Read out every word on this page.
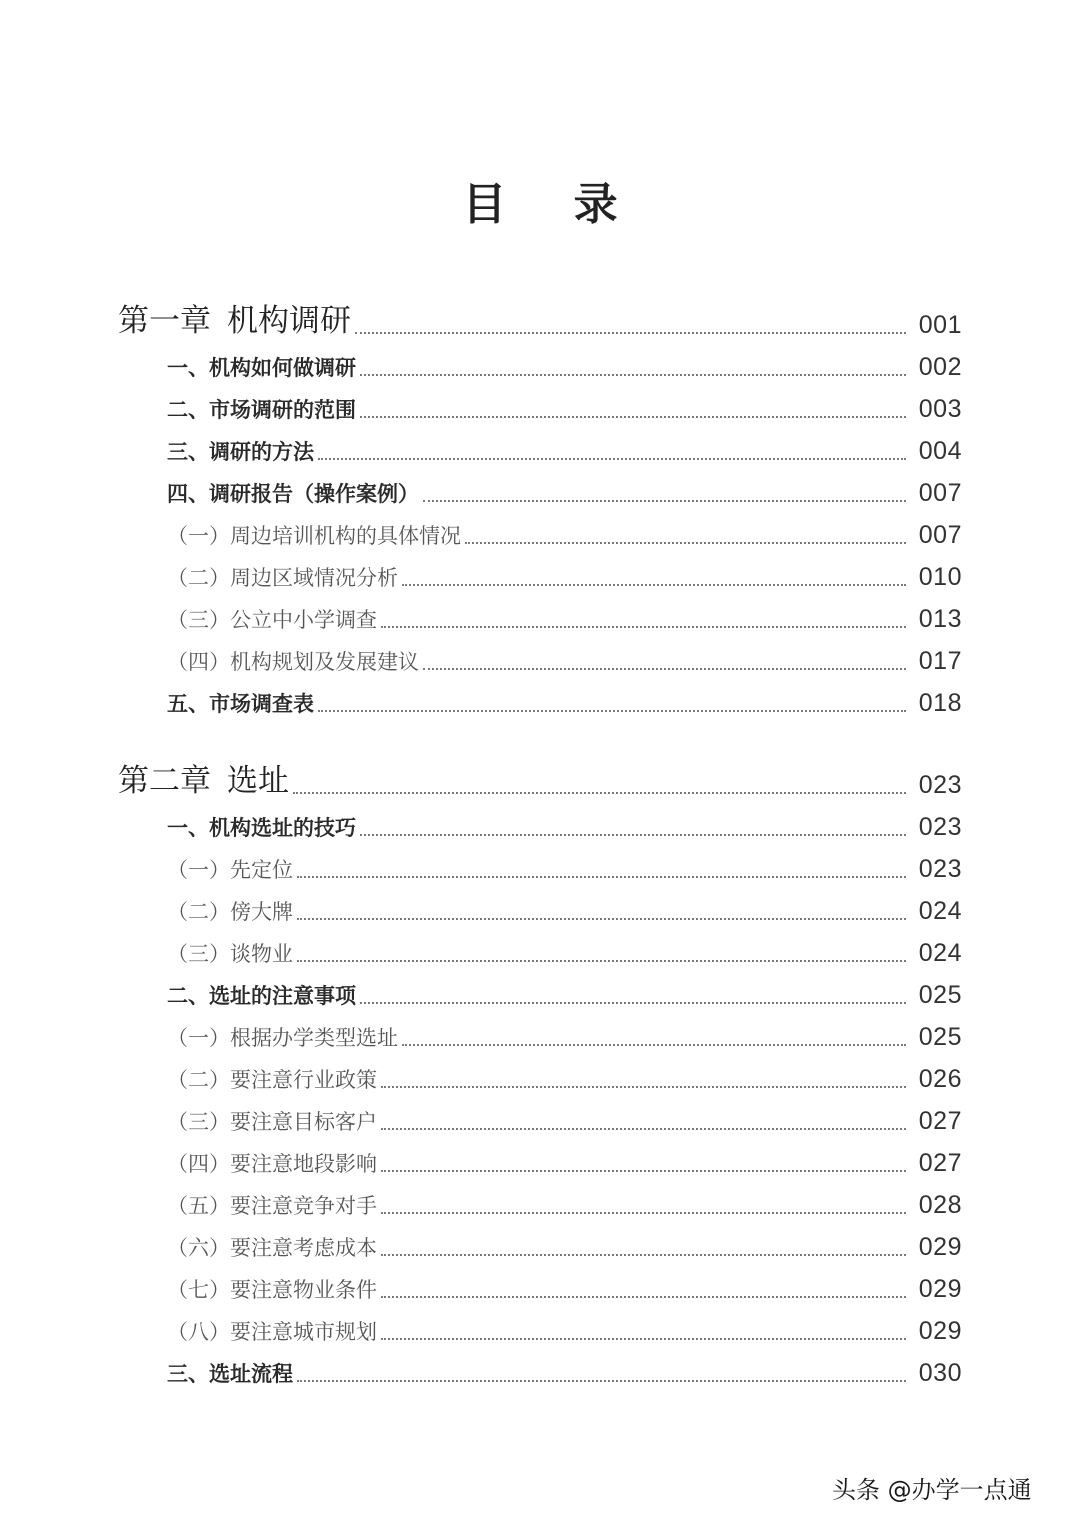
目 录
第一章 机构调研	001
一、机构如何做调研	002
二、市场调研的范围	003
三、调研的方法	004
四、调研报告（操作案例）	007
（一）周边培训机构的具体情况	007
（二）周边区域情况分析	010
（三）公立中小学调查	013
（四）机构规划及发展建议	017
五、市场调查表	018
第二章 选址	023
一、机构选址的技巧	023
（一）先定位	023
（二）傍大牌	024
（三）谈物业	024
二、选址的注意事项	025
（一）根据办学类型选址	025
（二）要注意行业政策	026
（三）要注意目标客户	027
（四）要注意地段影响	027
（五）要注意竞争对手	028
（六）要注意考虑成本	029
（七）要注意物业条件	029
（八）要注意城市规划	029
三、选址流程	030
头条 @办学一点通
